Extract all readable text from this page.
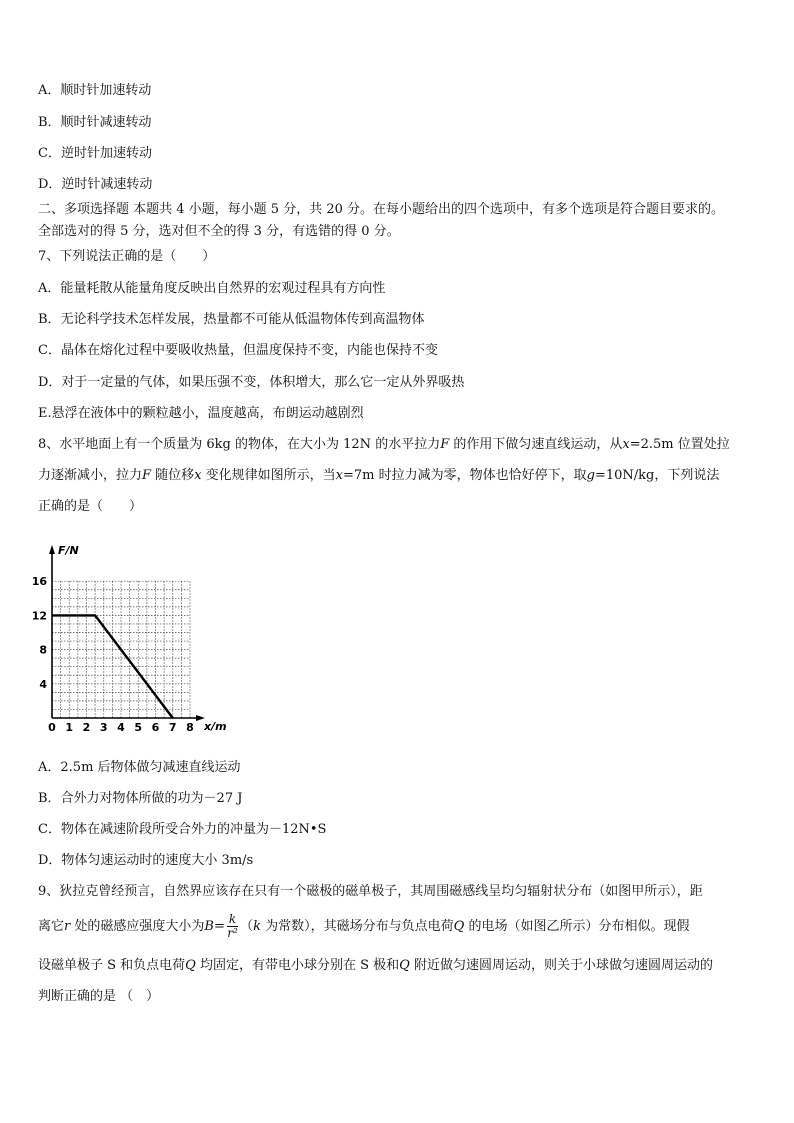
A．顺时针加速转动
B．顺时针减速转动
C．逆时针加速转动
D．逆时针减速转动
二、多项选择题 本题共 4 小题，每小题 5 分，共 20 分。在每小题给出的四个选项中，有多个选项是符合题目要求的。
全部选对的得 5 分，选对但不全的得 3 分，有选错的得 0 分。
7、下列说法正确的是（　　）
A．能量耗散从能量角度反映出自然界的宏观过程具有方向性
B．无论科学技术怎样发展，热量都不可能从低温物体传到高温物体
C．晶体在熔化过程中要吸收热量，但温度保持不变，内能也保持不变
D．对于一定量的气体，如果压强不变，体积增大，那么它一定从外界吸热
E.悬浮在液体中的颗粒越小，温度越高，布朗运动越剧烈
8、水平地面上有一个质量为 6kg 的物体，在大小为 12N 的水平拉力F 的作用下做匀速直线运动，从x=2.5m 位置处拉
力逐渐减小，拉力F 随位移x 变化规律如图所示，当x=7m 时拉力减为零，物体也恰好停下，取g=10N/kg，下列说法
正确的是（　　）
F/N
x/m
0 1 2 3 4 5 6 7 8
4
8
12
16
A．2.5m 后物体做匀减速直线运动
B．合外力对物体所做的功为－27 J
C．物体在减速阶段所受合外力的冲量为－12N•S
D．物体匀速运动时的速度大小 3m/s
9、狄拉克曾经预言，自然界应该存在只有一个磁极的磁单极子，其周围磁感线呈均匀辐射状分布（如图甲所示），距
离它r 处的磁感应强度大小为$B= \frac{k}{\text{r²}} (k$ 为常数），其磁场分布与负点电荷Q 的电场（如图乙所示）分布相似。现假
设磁单极子 S 和负点电荷Q 均固定，有带电小球分别在 S 极和Q 附近做匀速圆周运动，则关于小球做匀速圆周运动的
判断正确的是 （　）
